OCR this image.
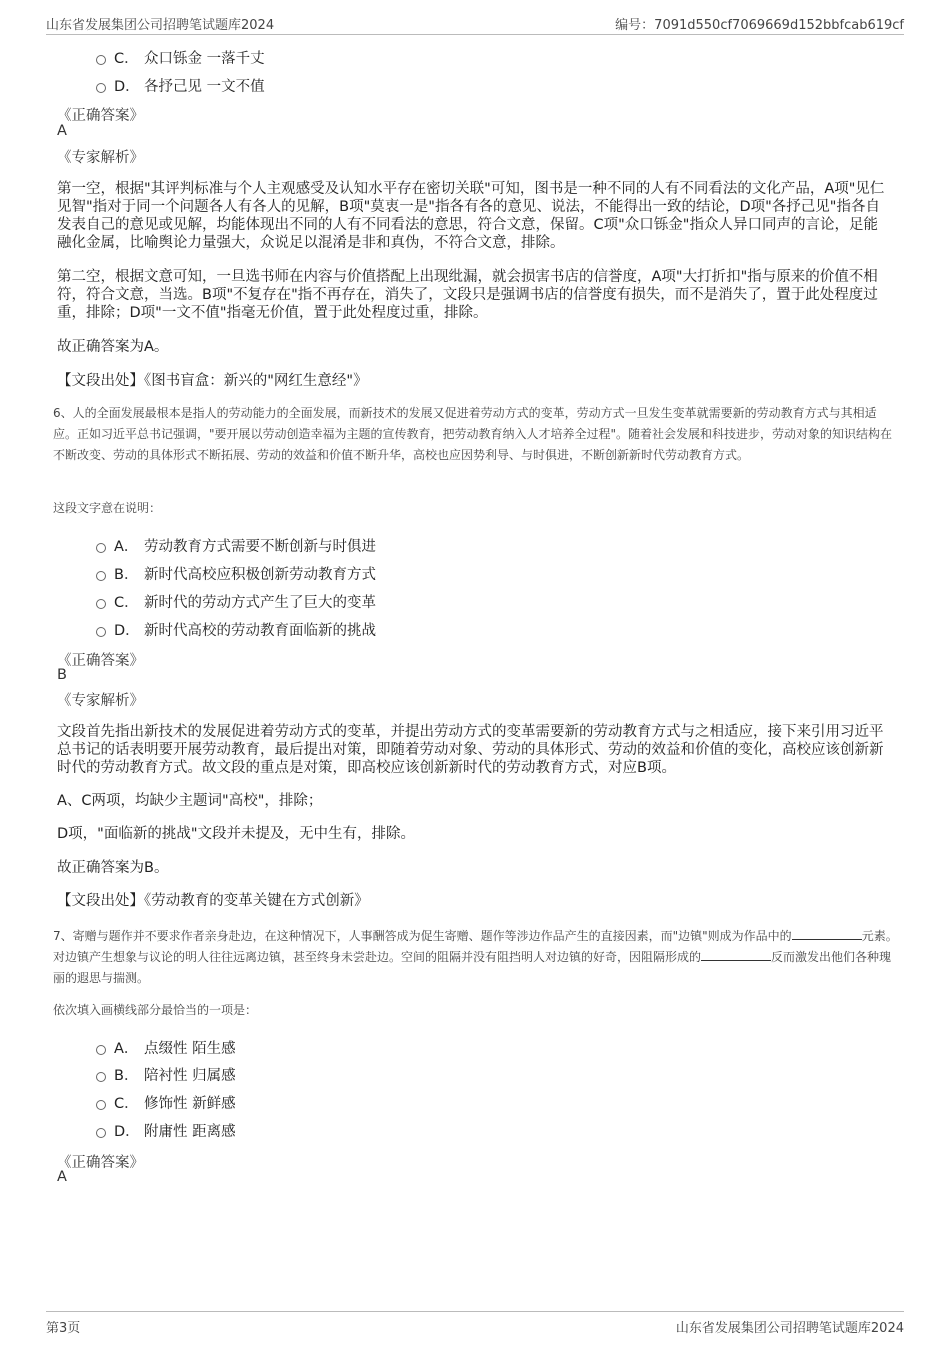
山东省发展集团公司招聘笔试题库2024	编号：7091d550cf7069669d152bbfcab619cf
C． 众口铄金 一落千丈
D． 各抒己见 一文不值
《正确答案》
A
《专家解析》
第一空，根据"其评判标准与个人主观感受及认知水平存在密切关联"可知，图书是一种不同的人有不同看法的文化产品，A项"见仁见智"指对于同一个问题各人有各人的见解，B项"莫衷一是"指各有各的意见、说法，不能得出一致的结论，D项"各抒己见"指各自发表自己的意见或见解，均能体现出不同的人有不同看法的意思，符合文意，保留。C项"众口铄金"指众人异口同声的言论，足能融化金属，比喻舆论力量强大，众说足以混淆是非和真伪，不符合文意，排除。
第二空，根据文意可知，一旦选书师在内容与价值搭配上出现纰漏，就会损害书店的信誉度，A项"大打折扣"指与原来的价值不相符，符合文意，当选。B项"不复存在"指不再存在，消失了，文段只是强调书店的信誉度有损失，而不是消失了，置于此处程度过重，排除；D项"一文不值"指毫无价值，置于此处程度过重，排除。
故正确答案为A。
【文段出处】《图书盲盒：新兴的"网红生意经"》
6、人的全面发展最根本是指人的劳动能力的全面发展，而新技术的发展又促进着劳动方式的变革，劳动方式一旦发生变革就需要新的劳动教育方式与其相适应。正如习近平总书记强调，"要开展以劳动创造幸福为主题的宣传教育，把劳动教育纳入人才培养全过程"。随着社会发展和科技进步，劳动对象的知识结构在不断改变、劳动的具体形式不断拓展、劳动的效益和价值不断升华，高校也应因势利导、与时俱进，不断创新新时代劳动教育方式。
这段文字意在说明：
A． 劳动教育方式需要不断创新与时俱进
B． 新时代高校应积极创新劳动教育方式
C． 新时代的劳动方式产生了巨大的变革
D． 新时代高校的劳动教育面临新的挑战
《正确答案》
B
《专家解析》
文段首先指出新技术的发展促进着劳动方式的变革，并提出劳动方式的变革需要新的劳动教育方式与之相适应，接下来引用习近平总书记的话表明要开展劳动教育，最后提出对策，即随着劳动对象、劳动的具体形式、劳动的效益和价值的变化，高校应该创新新时代的劳动教育方式。故文段的重点是对策，即高校应该创新新时代的劳动教育方式，对应B项。
A、C两项，均缺少主题词"高校"，排除；
D项，"面临新的挑战"文段并未提及，无中生有，排除。
故正确答案为B。
【文段出处】《劳动教育的变革关键在方式创新》
7、寄赠与题作并不要求作者亲身赴边，在这种情况下，人事酬答成为促生寄赠、题作等涉边作品产生的直接因素，而"边镇"则成为作品中的	元素。对边镇产生想象与议论的明人往往远离边镇，甚至终身未尝赴边。空间的阻隔并没有阻挡明人对边镇的好奇，因阻隔形成的	反而激发出他们各种瑰丽的遐思与揣测。
依次填入画横线部分最恰当的一项是：
A． 点缀性 陌生感
B． 陪衬性 归属感
C． 修饰性 新鲜感
D． 附庸性 距离感
《正确答案》
A
第3页	山东省发展集团公司招聘笔试题库2024
